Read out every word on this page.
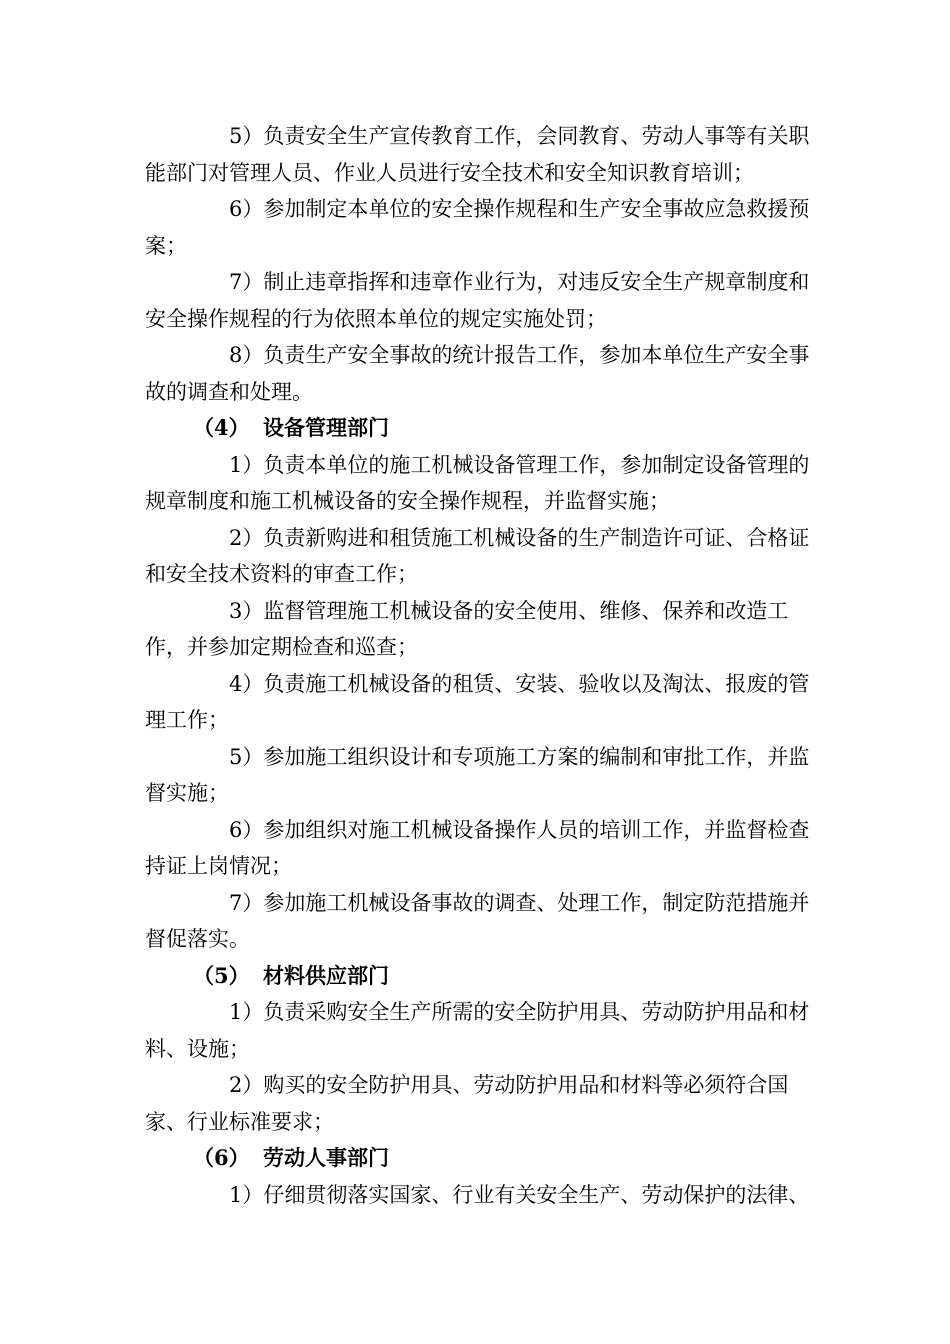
5）负责安全生产宣传教育工作，会同教育、劳动人事等有关职能部门对管理人员、作业人员进行安全技术和安全知识教育培训；

6）参加制定本单位的安全操作规程和生产安全事故应急救援预案；

7）制止违章指挥和违章作业行为，对违反安全生产规章制度和安全操作规程的行为依照本单位的规定实施处罚；

8）负责生产安全事故的统计报告工作，参加本单位生产安全事故的调查和处理。

（4） 设备管理部门

1）负责本单位的施工机械设备管理工作，参加制定设备管理的规章制度和施工机械设备的安全操作规程，并监督实施；

2）负责新购进和租赁施工机械设备的生产制造许可证、合格证和安全技术资料的审查工作；

3）监督管理施工机械设备的安全使用、维修、保养和改造工作，并参加定期检查和巡查；

4）负责施工机械设备的租赁、安装、验收以及淘汰、报废的管理工作；

5）参加施工组织设计和专项施工方案的编制和审批工作，并监督实施；

6）参加组织对施工机械设备操作人员的培训工作，并监督检查持证上岗情况；

7）参加施工机械设备事故的调查、处理工作，制定防范措施并督促落实。

（5） 材料供应部门

1）负责采购安全生产所需的安全防护用具、劳动防护用品和材料、设施；

2）购买的安全防护用具、劳动防护用品和材料等必须符合国家、行业标准要求；

（6） 劳动人事部门

1）仔细贯彻落实国家、行业有关安全生产、劳动保护的法律、
